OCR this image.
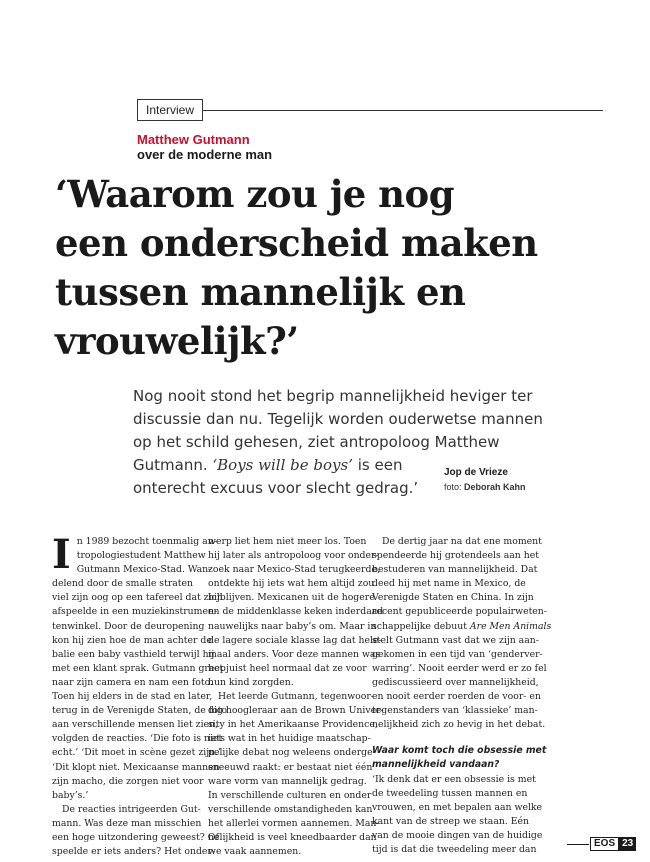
Interview
Matthew Gutmann
over de moderne man
‘Waarom zou je nog
een onderscheid maken
tussen mannelijk en
vrouwelijk?’

Nog nooit stond het begrip mannelijkheid heviger ter
discussie dan nu. Tegelijk worden ouderwetse mannen
op het schild gehesen, ziet antropoloog Matthew
Gutmann. ‘Boys will be boys’ is een
onterecht excuus voor slecht gedrag.’

Jop de Vrieze
foto: Deborah Kahn
I n 1989 bezocht toenmalig an-
tropologiestudent Matthew
Gutmann Mexico-Stad. Wan-
delend door de smalle straten
viel zijn oog op een tafereel dat zich
afspeelde in een muziekinstrumen-
tenwinkel. Door de deuropening
kon hij zien hoe de man achter de
balie een baby vasthield terwijl hij
met een klant sprak. Gutmann greep
naar zijn camera en nam een foto.
Toen hij elders in de stad en later,
terug in de Verenigde Staten, de foto
aan verschillende mensen liet zien,
volgden de reacties. ‘Die foto is niet
echt.’ ‘Dit moet in scène gezet zijn.’
‘Dit klopt niet. Mexicaanse mannen
zijn macho, die zorgen niet voor
baby’s.’
De reacties intrigeerden Gut-
mann. Was deze man misschien
een hoge uitzondering geweest? Of
speelde er iets anders? Het onder-

werp liet hem niet meer los. Toen
hij later als antropoloog voor onder-
zoek naar Mexico-Stad terugkeerde,
ontdekte hij iets wat hem altijd zou
bijblijven. Mexicanen uit de hogere
en de middenklasse keken inderdaad
nauwelijks naar baby’s om. Maar in
de lagere sociale klasse lag dat hele-
maal anders. Voor deze mannen was
het juist heel normaal dat ze voor
hun kind zorgden.
Het leerde Gutmann, tegenwoor-
dig hoogleraar aan de Brown Univer-
sity in het Amerikaanse Providence,
iets wat in het huidige maatschap-
pelijke debat nog weleens onderge-
sneeuwd raakt: er bestaat niet één
ware vorm van mannelijk gedrag.
In verschillende culturen en onder
verschillende omstandigheden kan
het allerlei vormen aannemen. Man-
nelijkheid is veel kneedbaarder dan
we vaak aannemen.

De dertig jaar na dat ene moment
spendeerde hij grotendeels aan het
bestuderen van mannelijkheid. Dat
deed hij met name in Mexico, de
Verenigde Staten en China. In zijn
recent gepubliceerde populairweten-
schappelijke debuut Are Men Animals
stelt Gutmann vast dat we zijn aan-
gekomen in een tijd van ‘genderver-
warring’. Nooit eerder werd er zo fel
gediscussieerd over mannelijkheid,
en nooit eerder roerden de voor- en
tegenstanders van ‘klassieke’ man-
nelijkheid zich zo hevig in het debat.

Waar komt toch die obsessie met
mannelijkheid vandaan?

‘Ik denk dat er een obsessie is met
de tweedeling tussen mannen en
vrouwen, en met bepalen aan welke
kant van de streep we staan. Eén
van de mooie dingen van de huidige
tijd is dat die tweedeling meer dan

EOS 23
